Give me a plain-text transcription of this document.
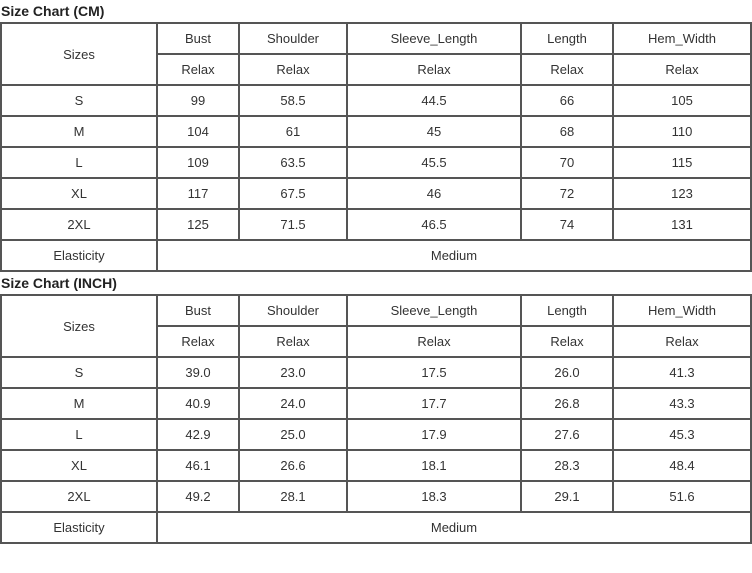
Size Chart (CM)
Sizes	Bust	Shoulder	Sleeve_Length	Length	Hem_Width
	Relax	Relax	Relax	Relax	Relax
S	99	58.5	44.5	66	105
M	104	61	45	68	110
L	109	63.5	45.5	70	115
XL	117	67.5	46	72	123
2XL	125	71.5	46.5	74	131
Elasticity	Medium				
Size Chart (INCH)
Sizes	Bust	Shoulder	Sleeve_Length	Length	Hem_Width
	Relax	Relax	Relax	Relax	Relax
S	39.0	23.0	17.5	26.0	41.3
M	40.9	24.0	17.7	26.8	43.3
L	42.9	25.0	17.9	27.6	45.3
XL	46.1	26.6	18.1	28.3	48.4
2XL	49.2	28.1	18.3	29.1	51.6
Elasticity	Medium				
